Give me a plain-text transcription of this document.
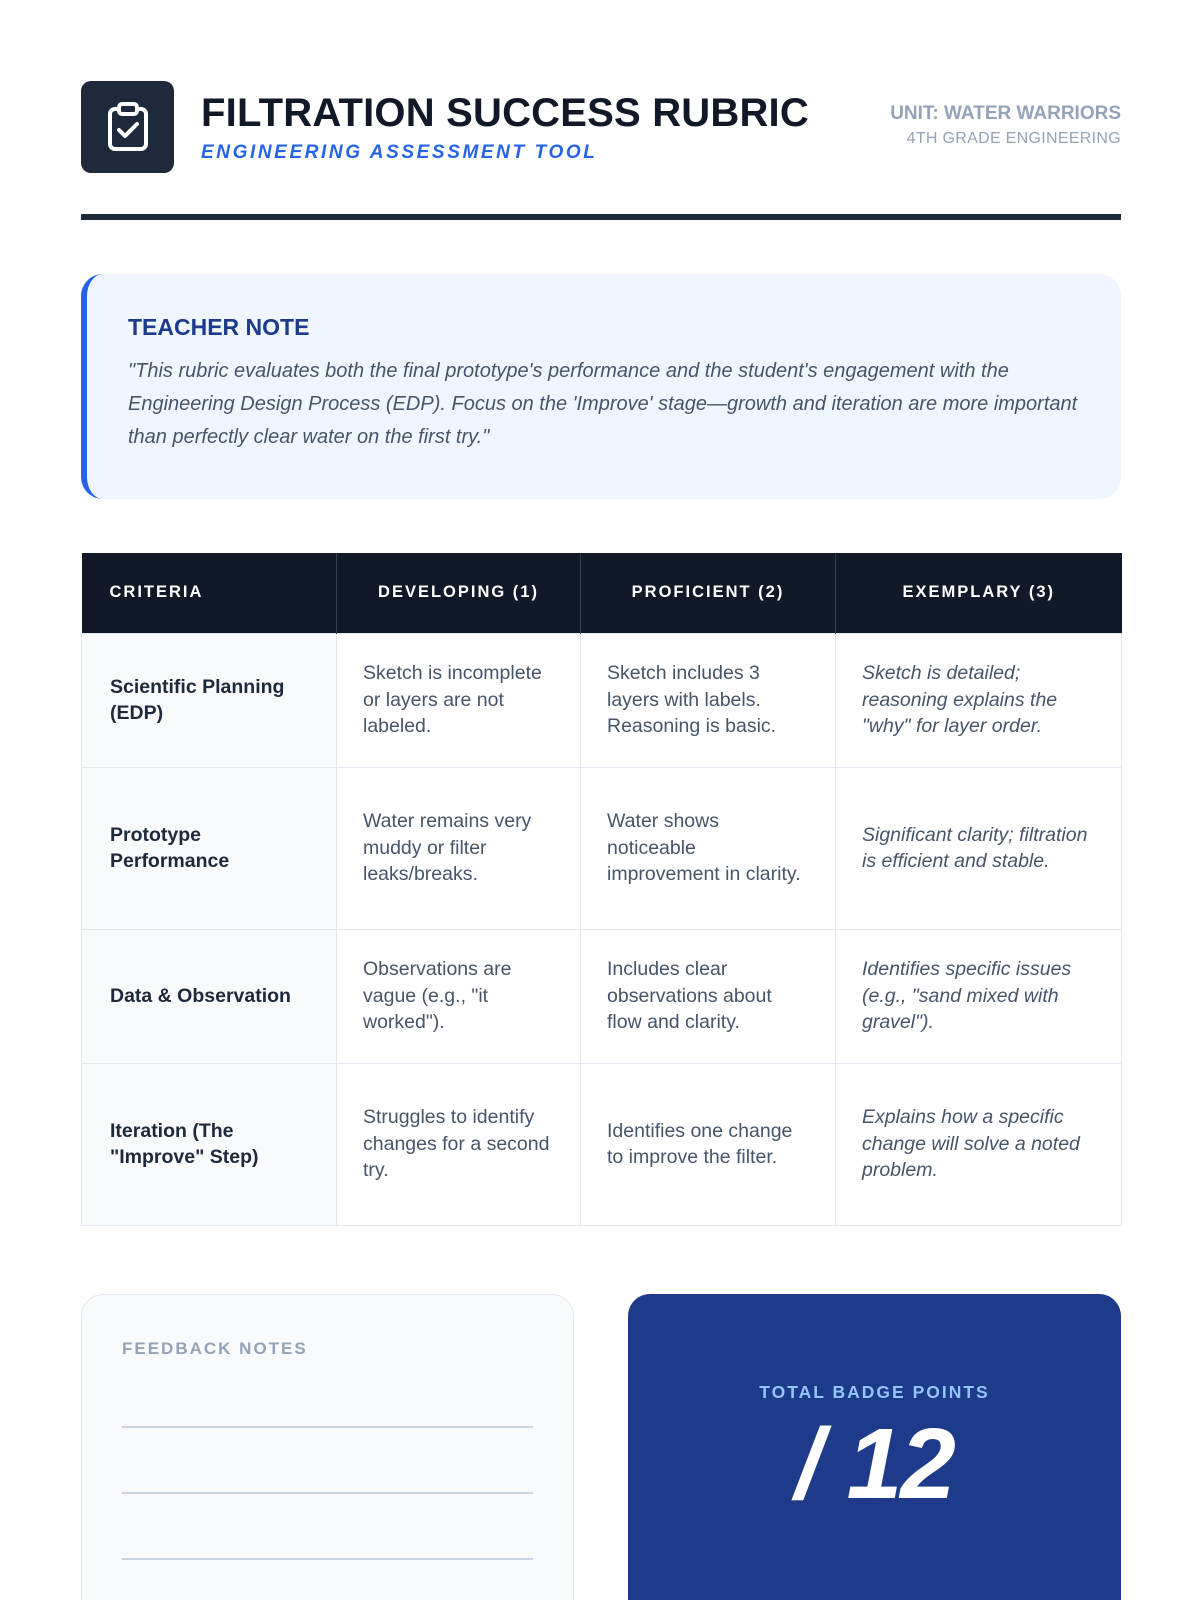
FILTRATION SUCCESS RUBRIC
ENGINEERING ASSESSMENT TOOL
UNIT: WATER WARRIORS
4TH GRADE ENGINEERING
TEACHER NOTE
"This rubric evaluates both the final prototype's performance and the student's engagement with the Engineering Design Process (EDP). Focus on the 'Improve' stage—growth and iteration are more important than perfectly clear water on the first try."
CRITERIA	DEVELOPING (1)	PROFICIENT (2)	EXEMPLARY (3)
Scientific Planning (EDP)	Sketch is incomplete or layers are not labeled.	Sketch includes 3 layers with labels. Reasoning is basic.	Sketch is detailed; reasoning explains the "why" for layer order.
Prototype Performance	Water remains very muddy or filter leaks/breaks.	Water shows noticeable improvement in clarity.	Significant clarity; filtration is efficient and stable.
Data & Observation	Observations are vague (e.g., "it worked").	Includes clear observations about flow and clarity.	Identifies specific issues (e.g., "sand mixed with gravel").
Iteration (The "Improve" Step)	Struggles to identify changes for a second try.	Identifies one change to improve the filter.	Explains how a specific change will solve a noted problem.
FEEDBACK NOTES
TOTAL BADGE POINTS
/ 12
